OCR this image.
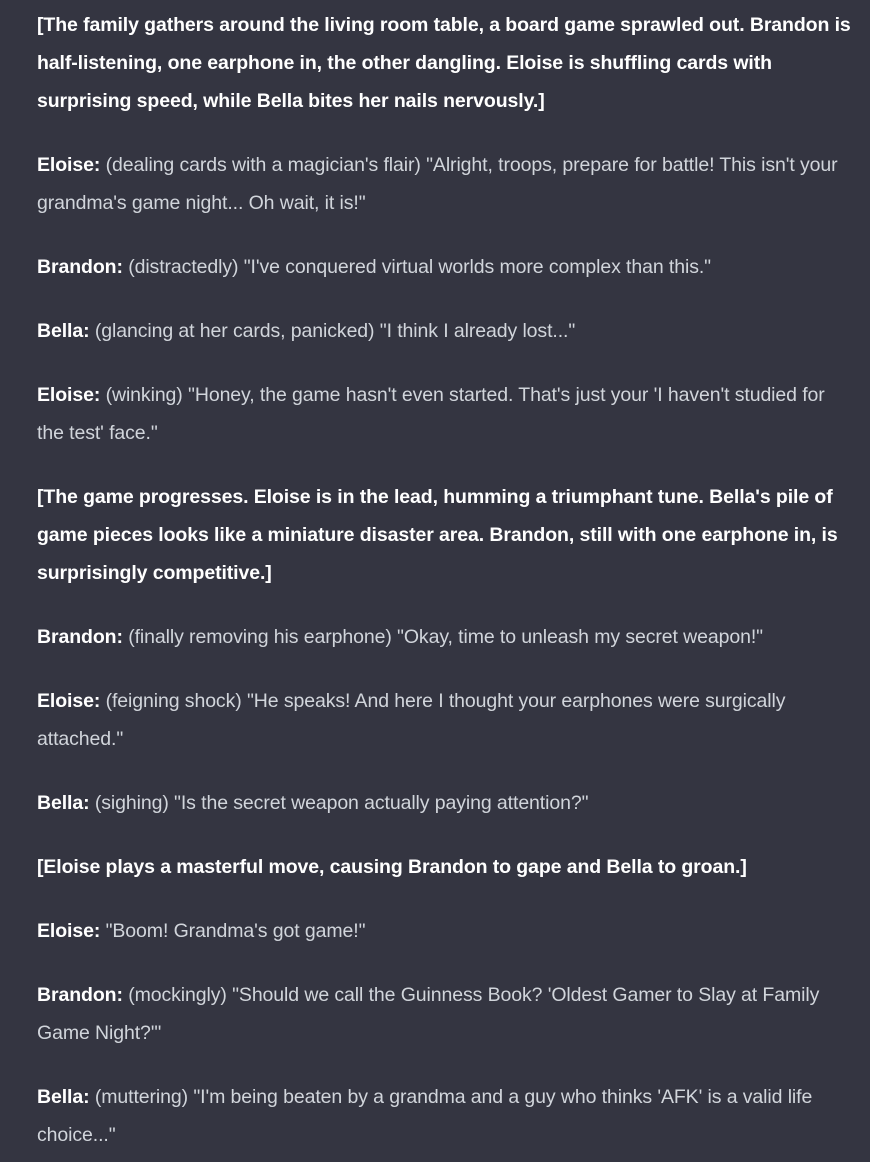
[The family gathers around the living room table, a board game sprawled out. Brandon is half-listening, one earphone in, the other dangling. Eloise is shuffling cards with surprising speed, while Bella bites her nails nervously.]

Eloise: (dealing cards with a magician's flair) "Alright, troops, prepare for battle! This isn't your grandma's game night... Oh wait, it is!"

Brandon: (distractedly) "I've conquered virtual worlds more complex than this."

Bella: (glancing at her cards, panicked) "I think I already lost..."

Eloise: (winking) "Honey, the game hasn't even started. That's just your 'I haven't studied for the test' face."

[The game progresses. Eloise is in the lead, humming a triumphant tune. Bella's pile of game pieces looks like a miniature disaster area. Brandon, still with one earphone in, is surprisingly competitive.]

Brandon: (finally removing his earphone) "Okay, time to unleash my secret weapon!"

Eloise: (feigning shock) "He speaks! And here I thought your earphones were surgically attached."

Bella: (sighing) "Is the secret weapon actually paying attention?"

[Eloise plays a masterful move, causing Brandon to gape and Bella to groan.]

Eloise: "Boom! Grandma's got game!"

Brandon: (mockingly) "Should we call the Guinness Book? 'Oldest Gamer to Slay at Family Game Night?'"

Bella: (muttering) "I'm being beaten by a grandma and a guy who thinks 'AFK' is a valid life choice..."
